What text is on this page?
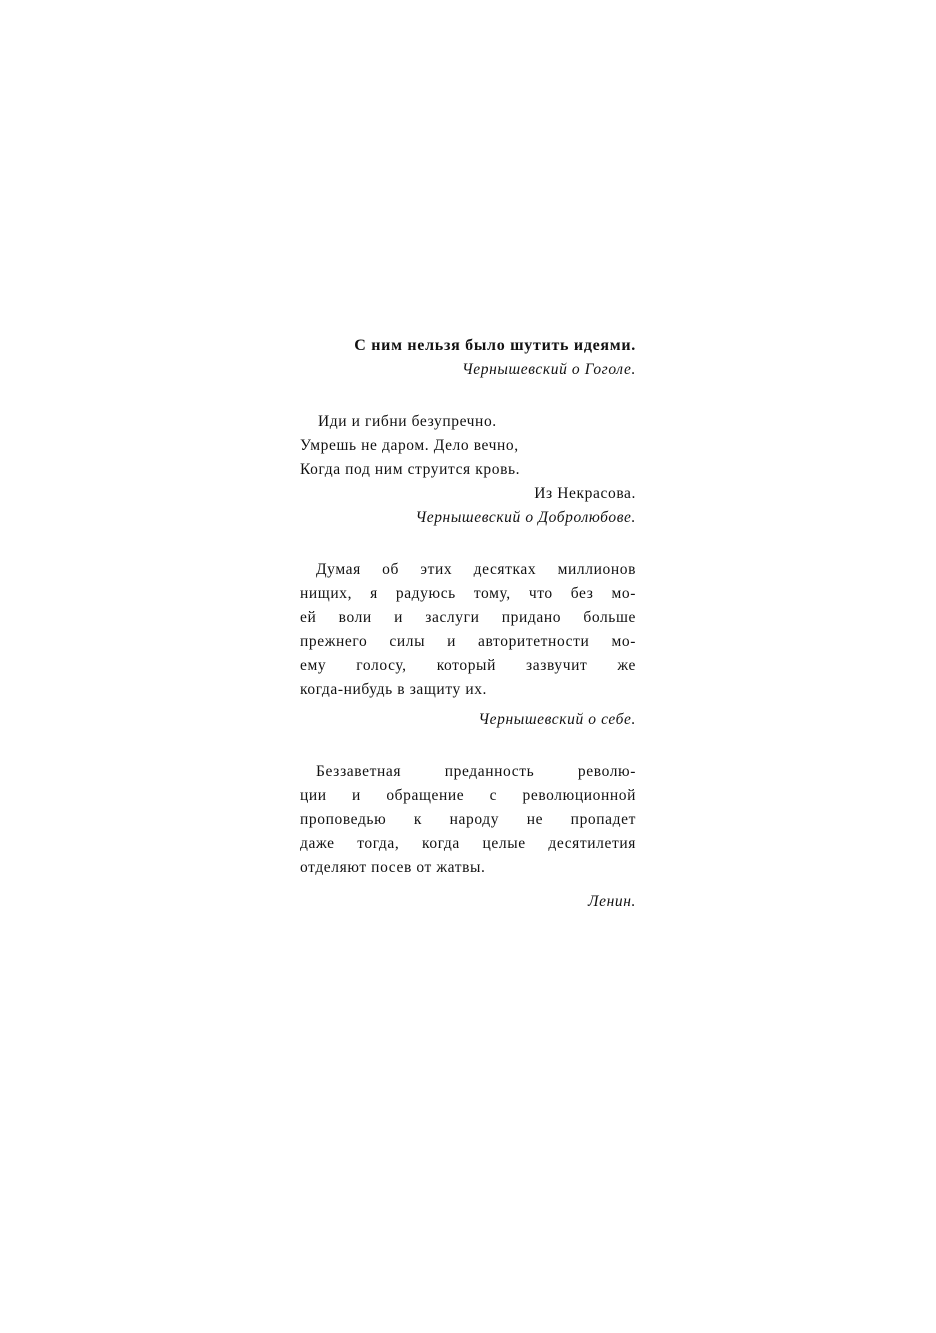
С ним нельзя было шутить идеями.
Чернышевский о Гоголе.
Иди и гибни безупречно.
Умрешь не даром. Дело вечно,
Когда под ним струится кровь.
Из Некрасова.
Чернышевский о Добролюбове.
Думая об этих десятках миллионов
нищих, я радуюсь тому, что без мо-
ей воли и заслуги придано больше
прежнего силы и авторитетности мо-
ему голосу, который зазвучит же
когда-нибудь в защиту их.
Чернышевский о себе.
Беззаветная преданность револю-
ции и обращение с революционной
проповедью к народу не пропадет
даже тогда, когда целые десятилетия
отделяют посев от жатвы.
Ленин.
